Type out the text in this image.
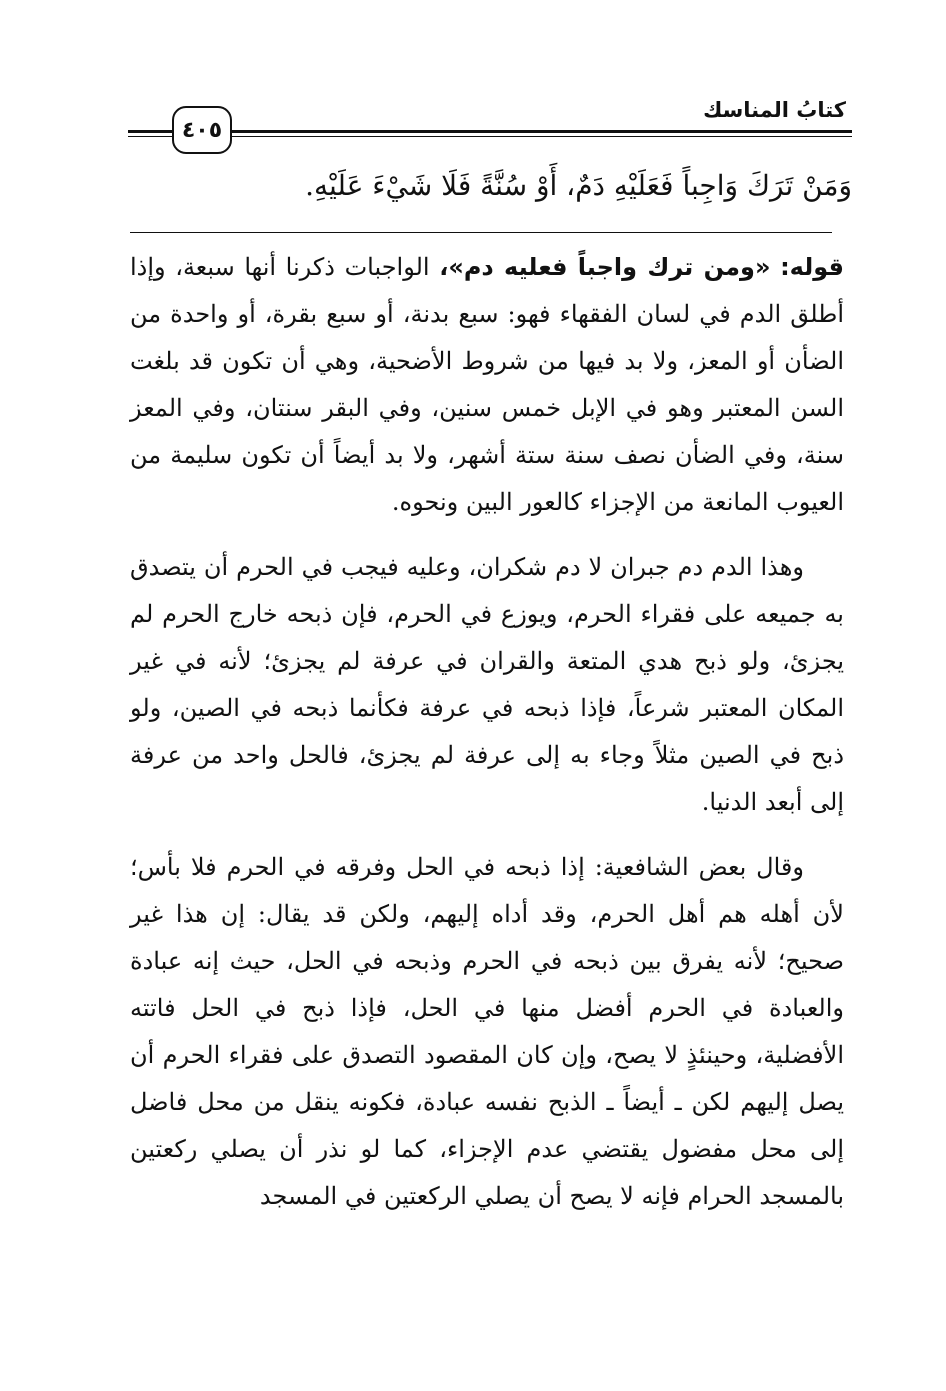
٤٠٥
كتابُ المناسك
وَمَنْ تَرَكَ وَاجِباً فَعَلَيْهِ دَمٌ، أَوْ سُنَّةً فَلَا شَيْءَ عَلَيْهِ.

قوله: «ومن ترك واجباً فعليه دم»، الواجبات ذكرنا أنها سبعة، وإذا أطلق الدم في لسان الفقهاء فهو: سبع بدنة، أو سبع بقرة، أو واحدة من الضأن أو المعز، ولا بد فيها من شروط الأضحية، وهي أن تكون قد بلغت السن المعتبر وهو في الإبل خمس سنين، وفي البقر سنتان، وفي المعز سنة، وفي الضأن نصف سنة ستة أشهر، ولا بد أيضاً أن تكون سليمة من العيوب المانعة من الإجزاء كالعور البين ونحوه.

وهذا الدم دم جبران لا دم شكران، وعليه فيجب في الحرم أن يتصدق به جميعه على فقراء الحرم، ويوزع في الحرم، فإن ذبحه خارج الحرم لم يجزئ، ولو ذبح هدي المتعة والقران في عرفة لم يجزئ؛ لأنه في غير المكان المعتبر شرعاً، فإذا ذبحه في عرفة فكأنما ذبحه في الصين، ولو ذبح في الصين مثلاً وجاء به إلى عرفة لم يجزئ، فالحل واحد من عرفة إلى أبعد الدنيا.

وقال بعض الشافعية: إذا ذبحه في الحل وفرقه في الحرم فلا بأس؛ لأن أهله هم أهل الحرم، وقد أداه إليهم، ولكن قد يقال: إن هذا غير صحيح؛ لأنه يفرق بين ذبحه في الحرم وذبحه في الحل، حيث إنه عبادة والعبادة في الحرم أفضل منها في الحل، فإذا ذبح في الحل فاتته الأفضلية، وحينئذٍ لا يصح، وإن كان المقصود التصدق على فقراء الحرم أن يصل إليهم لكن ـ أيضاً ـ الذبح نفسه عبادة، فكونه ينقل من محل فاضل إلى محل مفضول يقتضي عدم الإجزاء، كما لو نذر أن يصلي ركعتين بالمسجد الحرام فإنه لا يصح أن يصلي الركعتين في المسجد
